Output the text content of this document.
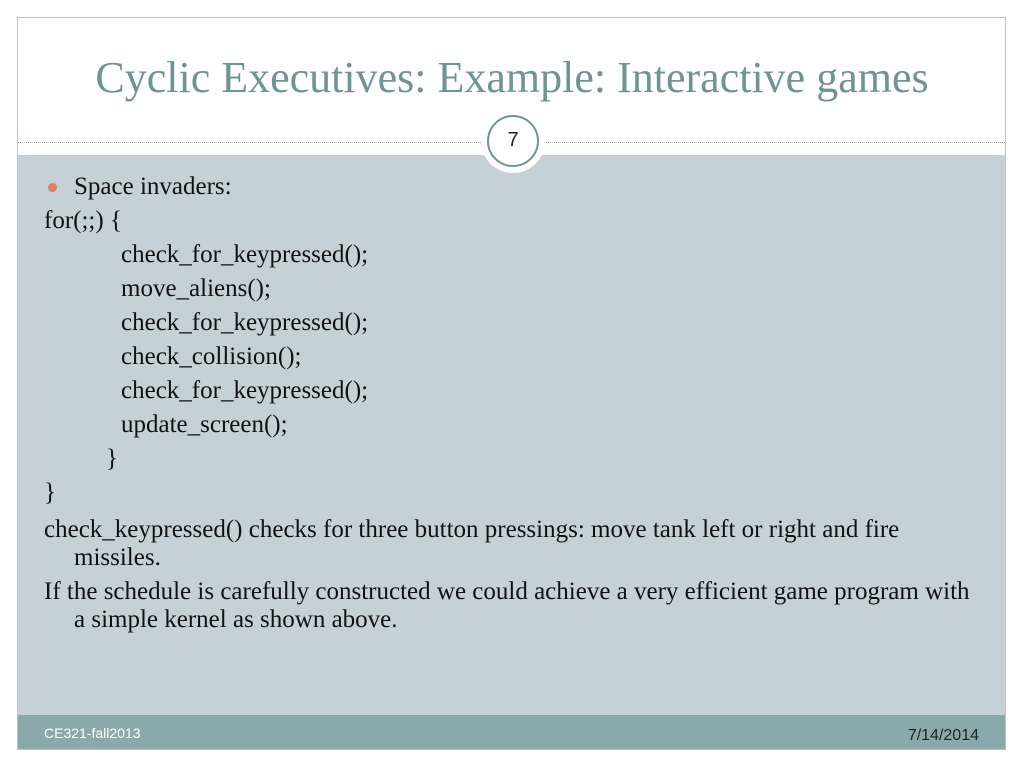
Cyclic Executives: Example: Interactive games
7
Space invaders:
for(;;) {
check_for_keypressed();
move_aliens();
check_for_keypressed();
check_collision();
check_for_keypressed();
update_screen();
}
}
check_keypressed() checks for three button pressings: move tank left or right and fire missiles.
If the schedule is carefully constructed we could achieve a very efficient game program with a simple kernel as shown above.
CE321-fall2013	7/14/2014
